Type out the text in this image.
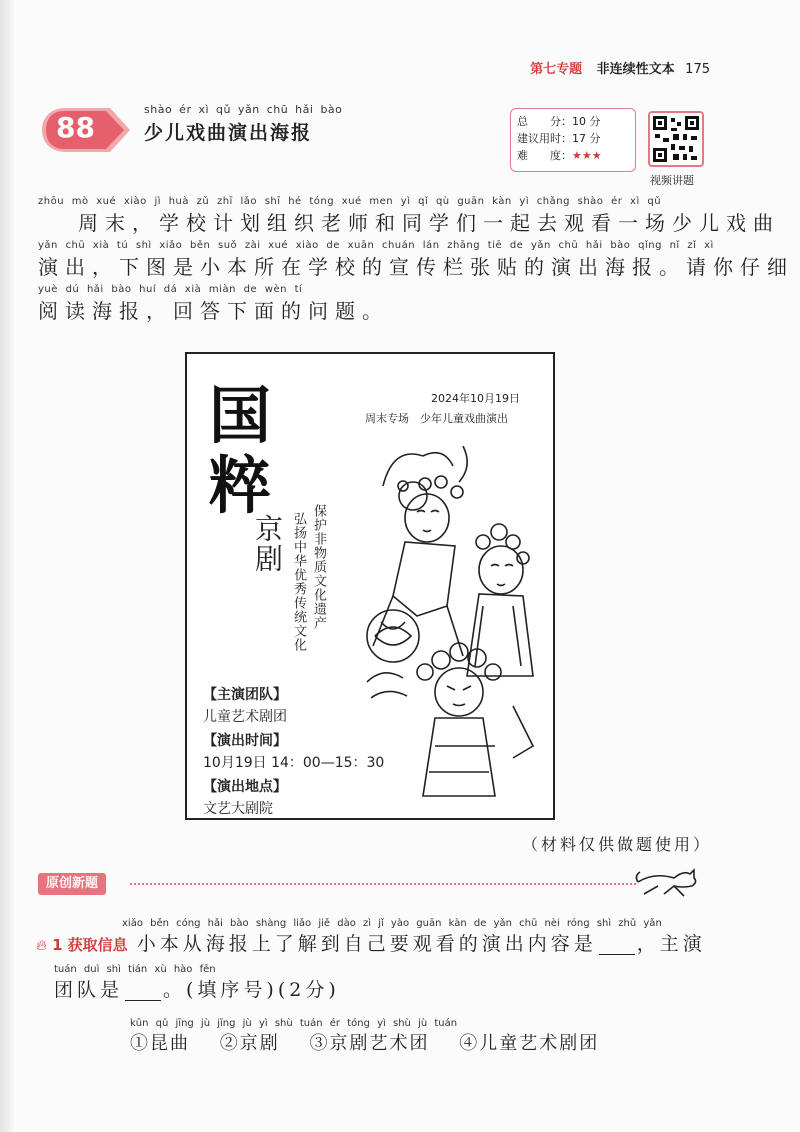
第七专题 非连续性文本 175
88
shào ér xì qǔ yǎn chū hǎi bào
少儿戏曲演出海报
总　　分：10 分
建议用时：17 分
难　　度：★★★
视频讲题
zhōu mò xué xiào jì huà zǔ zhī lǎo shī hé tóng xué men yì qǐ qù guān kàn yì chǎng shào ér xì qǔ
周末，学校计划组织老师和同学们一起去观看一场少儿戏曲
yǎn chū xià tú shì xiǎo běn suǒ zài xué xiào de xuān chuán lán zhāng tiē de yǎn chū hǎi bào qǐng nǐ zǐ xì
演出，下图是小本所在学校的宣传栏张贴的演出海报。请你仔细
yuè dú hǎi bào huí dá xià miàn de wèn tí
阅读海报，回答下面的问题。
国
粹
京剧 保护非物质文化遗产
弘扬中华优秀传统文化
2024年10月19日
周末专场　少年儿童戏曲演出
【主演团队】
儿童艺术剧团
【演出时间】
10月19日 14：00—15：30
【演出地点】
文艺大剧院
（材料仅供做题使用）
原创新题
xiǎo běn cóng hǎi bào shàng liǎo jiě dào zì jǐ yào guān kàn de yǎn chū nèi róng shì zhǔ yǎn
🔥︎ 1 获取信息 小本从海报上了解到自己要观看的演出内容是 ，主演
tuán duì shì tián xù hào fēn
团队是 。(填序号)(2分)
kūn qǔ jīng jù jīng jù yì shù tuán ér tóng yì shù jù tuán
①昆曲 ②京剧 ③京剧艺术团 ④儿童艺术剧团
